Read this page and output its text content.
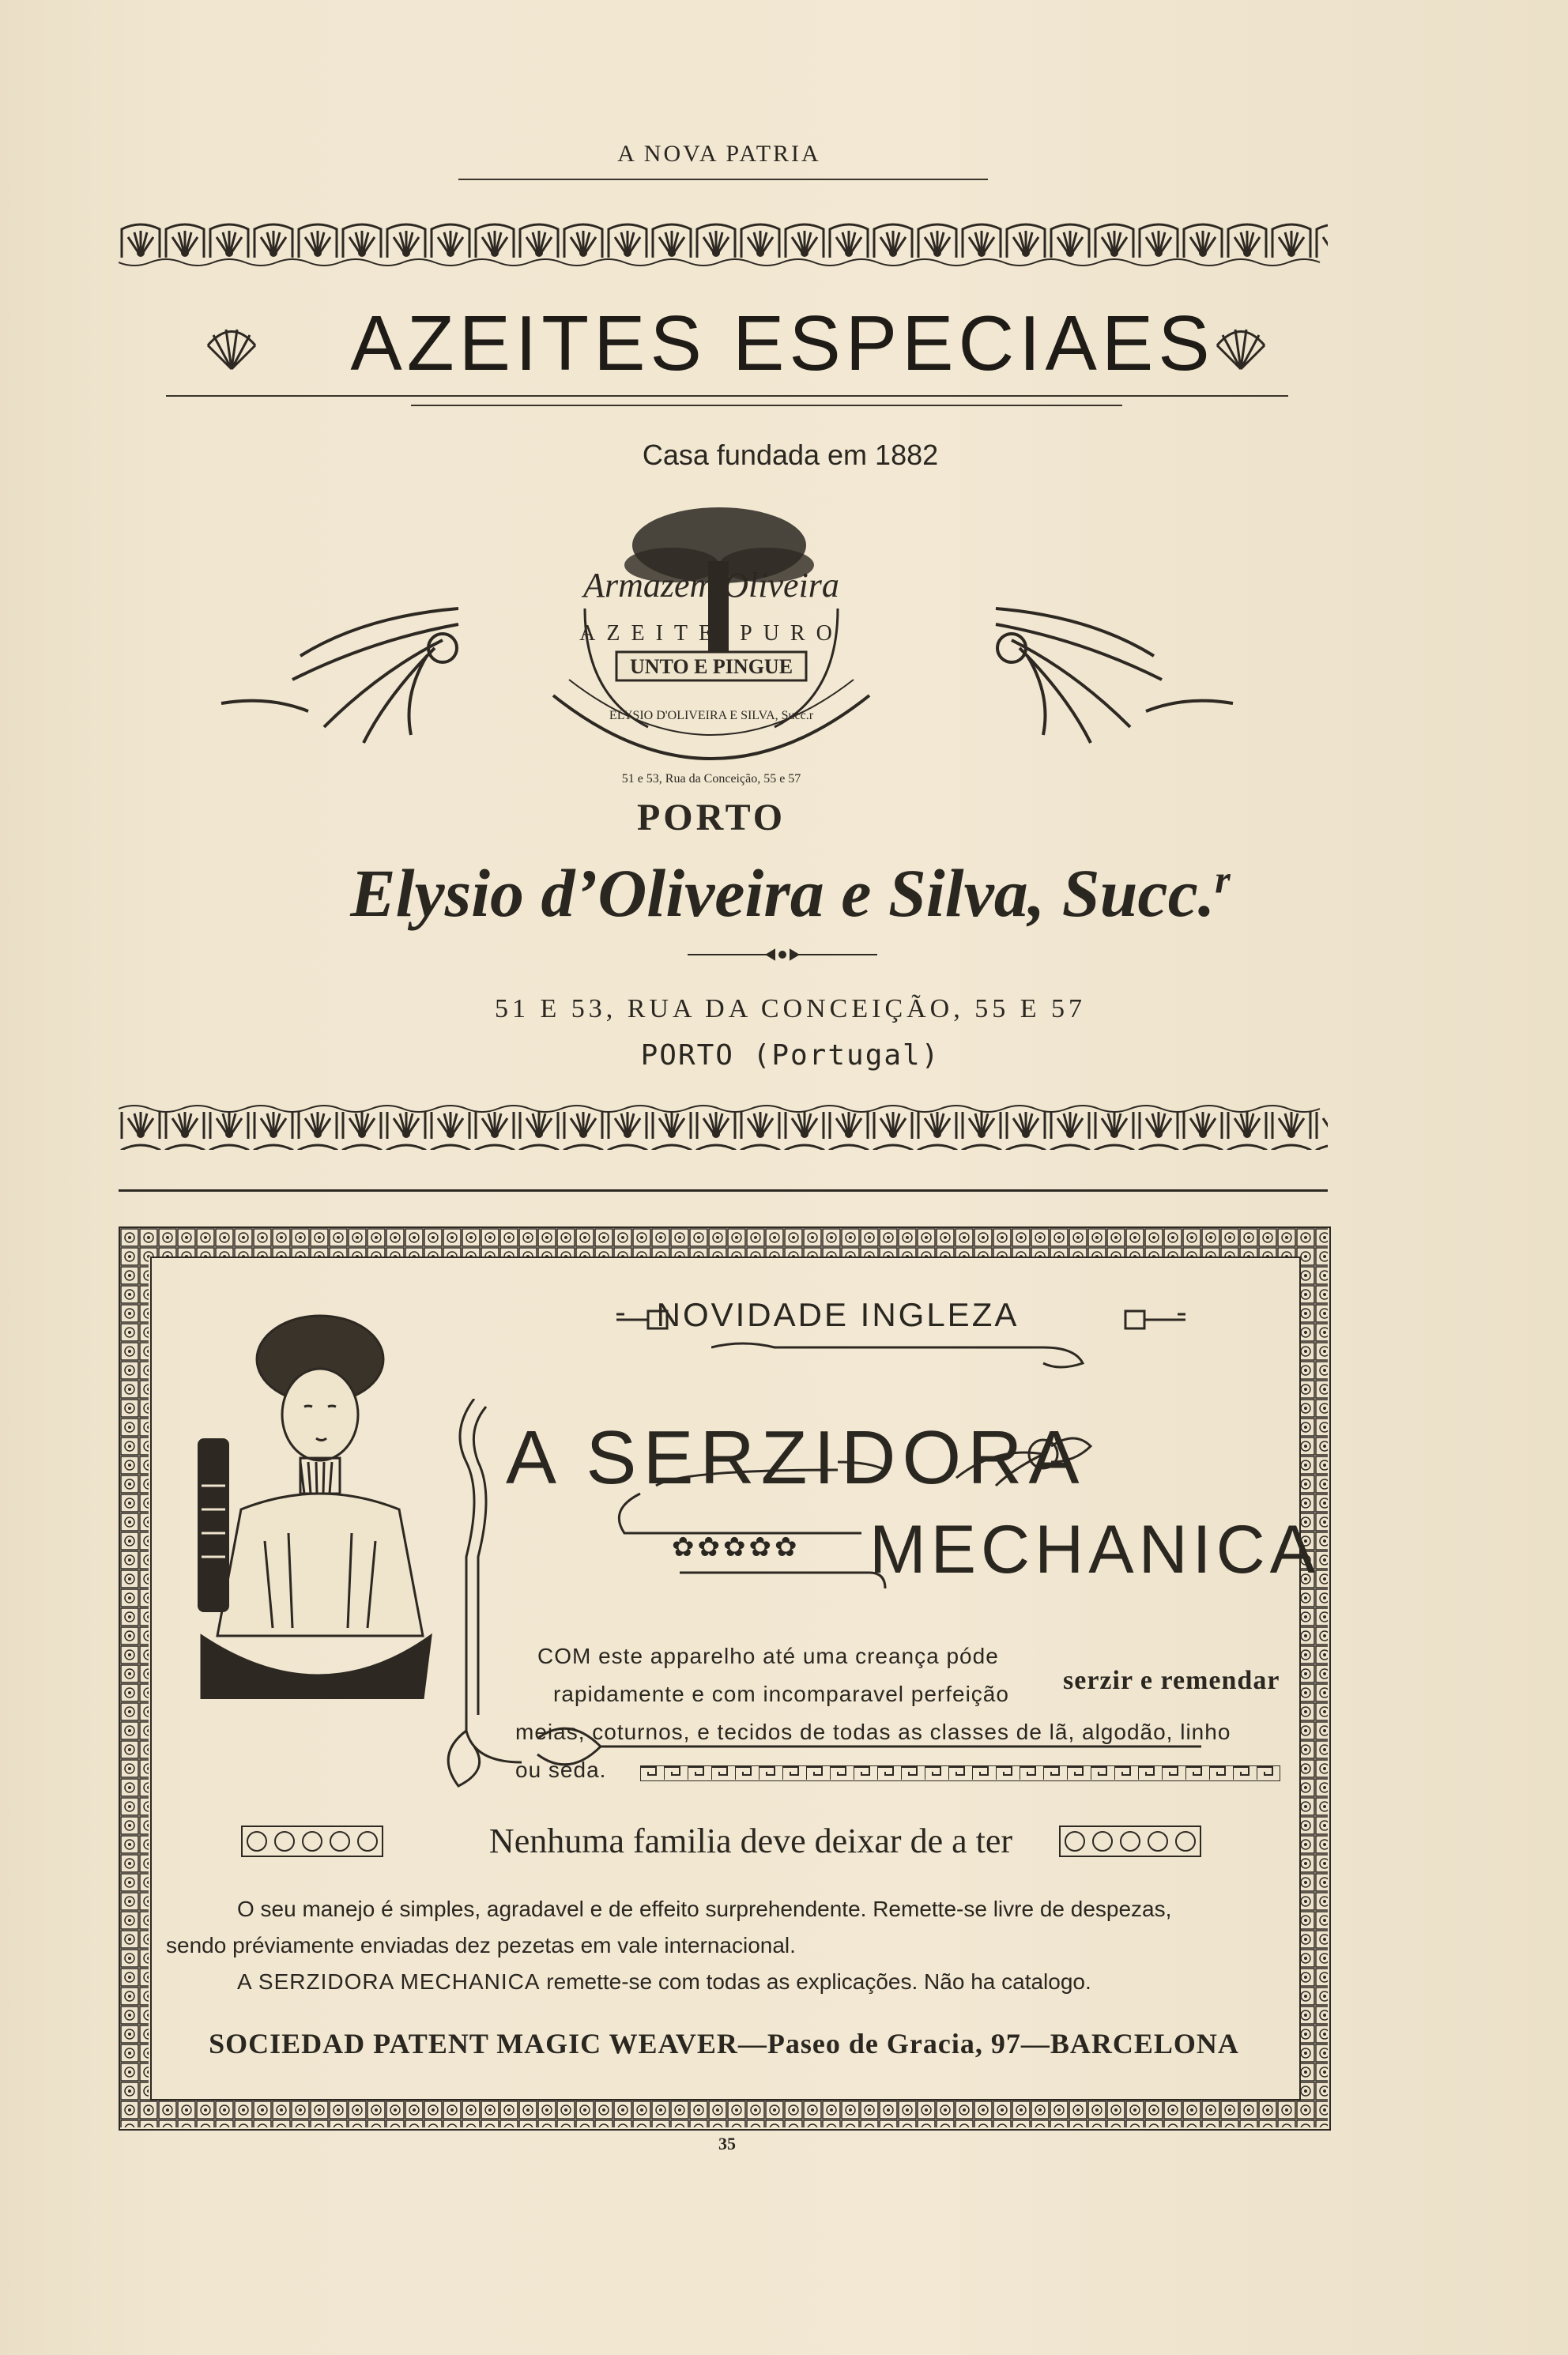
A NOVA PATRIA
AZEITES ESPECIAES
Casa fundada em 1882
Armazem Oliveira
AZEITE PURO
UNTO E PINGUE
ELYSIO D'OLIVEIRA E SILVA, Succ.r
51 e 53, Rua da Conceição, 55 e 57
PORTO
Elysio d’Oliveira e Silva, Succ.$^r$
51 E 53, RUA DA CONCEIÇÃO, 55 E 57
PORTO (Portugal)
NOVIDADE INGLEZA
A SERZIDORA
✿✿✿✿✿ MECHANICA
COM este apparelho até uma creança póde
rapidamente e com incomparavel perfeição serzir e remendar
meias, coturnos, e tecidos de todas as classes de lã, algodão, linho
ou seda.
Nenhuma familia deve deixar de a ter
O seu manejo é simples, agradavel e de effeito surprehendente. Remette-se livre de despezas,
sendo préviamente enviadas dez pezetas em vale internacional.
A SERZIDORA MECHANICA remette-se com todas as explicações. Não ha catalogo.
SOCIEDAD PATENT MAGIC WEAVER—Paseo de Gracia, 97—BARCELONA
35
